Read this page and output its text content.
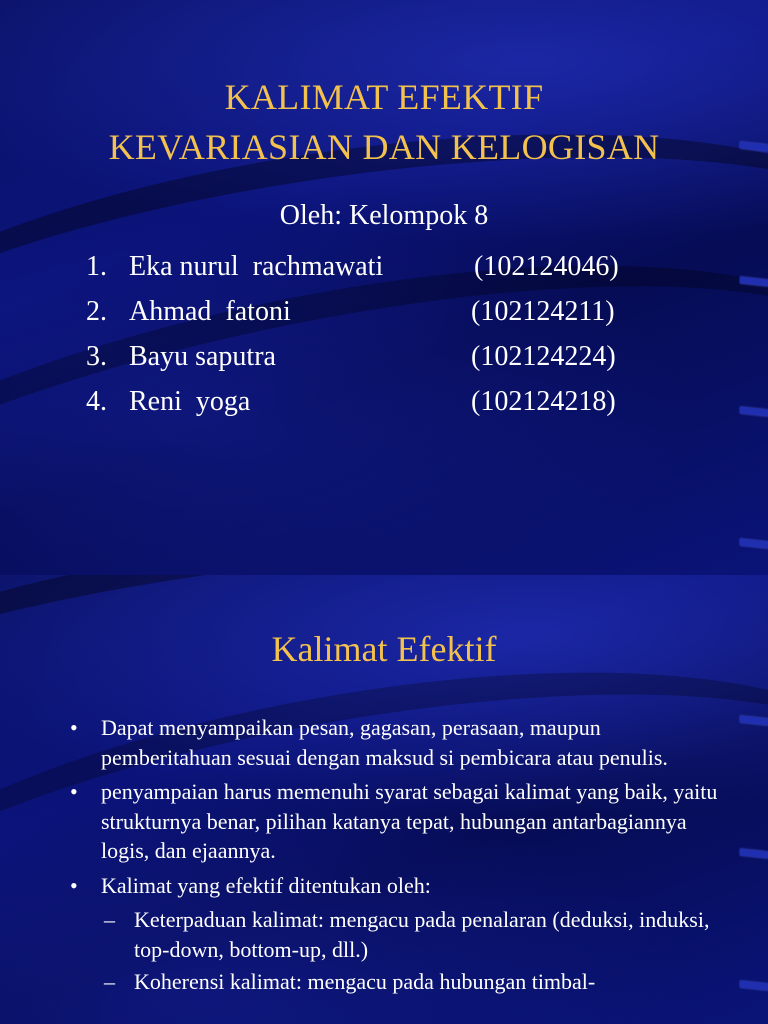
KALIMAT EFEKTIF
KEVARIASIAN DAN KELOGISAN
Oleh: Kelompok 8
1. Eka nurul  rachmawati	(102124046)
2. Ahmad  fatoni	(102124211)
3. Bayu saputra	(102124224)
4. Reni  yoga	(102124218)
Kalimat Efektif
• Dapat menyampaikan pesan, gagasan, perasaan, maupun pemberitahuan sesuai dengan maksud si pembicara atau penulis.
• penyampaian harus memenuhi syarat sebagai kalimat yang baik, yaitu strukturnya benar, pilihan katanya tepat, hubungan antarbagiannya logis, dan ejaannya.
• Kalimat yang efektif ditentukan oleh:
– Keterpaduan kalimat: mengacu pada penalaran (deduksi, induksi, top-down, bottom-up, dll.)
– Koherensi kalimat: mengacu pada hubungan timbal-
